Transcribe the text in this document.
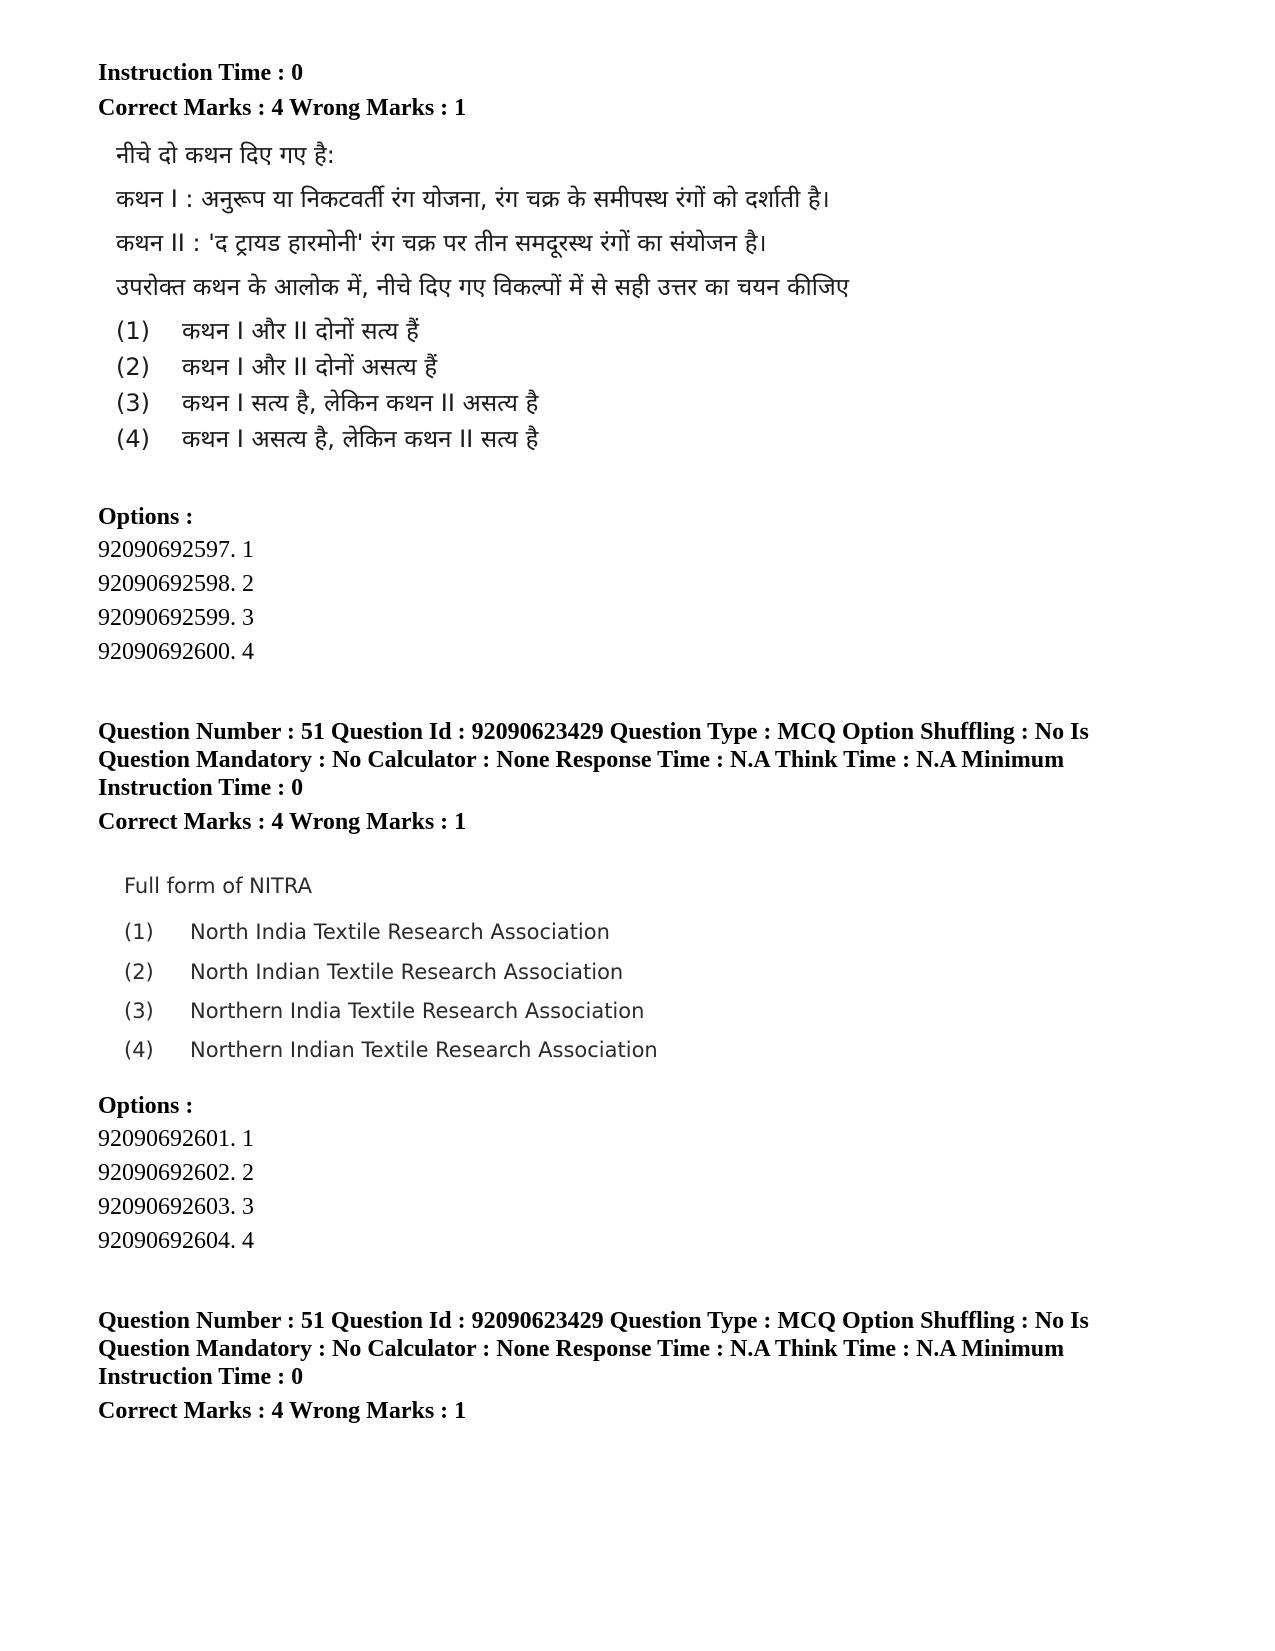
Instruction Time : 0
Correct Marks : 4 Wrong Marks : 1
नीचे दो कथन दिए गए है:
कथन I : अनुरूप या निकटवर्ती रंग योजना, रंग चक्र के समीपस्थ रंगों को दर्शाती है।
कथन II : 'द ट्रायड हारमोनी' रंग चक्र पर तीन समदूरस्थ रंगों का संयोजन है।
उपरोक्त कथन के आलोक में, नीचे दिए गए विकल्पों में से सही उत्तर का चयन कीजिए
(1) कथन I और II दोनों सत्य हैं
(2) कथन I और II दोनों असत्य हैं
(3) कथन I सत्य है, लेकिन कथन II असत्य है
(4) कथन I असत्य है, लेकिन कथन II सत्य है
Options :
92090692597. 1
92090692598. 2
92090692599. 3
92090692600. 4
Question Number : 51 Question Id : 92090623429 Question Type : MCQ Option Shuffling : No Is
Question Mandatory : No Calculator : None Response Time : N.A Think Time : N.A Minimum
Instruction Time : 0
Correct Marks : 4 Wrong Marks : 1
Full form of NITRA
(1) North India Textile Research Association
(2) North Indian Textile Research Association
(3) Northern India Textile Research Association
(4) Northern Indian Textile Research Association
Options :
92090692601. 1
92090692602. 2
92090692603. 3
92090692604. 4
Question Number : 51 Question Id : 92090623429 Question Type : MCQ Option Shuffling : No Is
Question Mandatory : No Calculator : None Response Time : N.A Think Time : N.A Minimum
Instruction Time : 0
Correct Marks : 4 Wrong Marks : 1
